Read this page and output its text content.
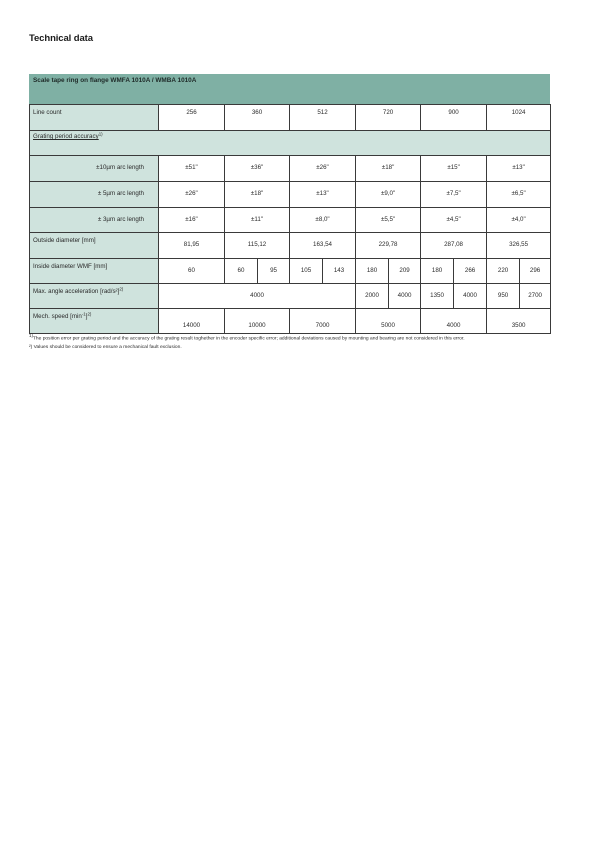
Technical data
Scale tape ring on flange WMFA 1010A / WMBA 1010A
Line count	256	360		512		720		900		1024	
Grating period accuracy$^{1)}$
±10µm arc length	±51"	±36"		±26"		±18"		±15"		±13"	
± 5µm arc length	±26"	±18"		±13"		±9,0"		±7,5"		±6,5"	
± 3µm arc length	±16"	±11"		±8,0"		±5,5"		±4,5"		±4,0"	
Outside diameter [mm]	81,95	115,12		163,54		229,78		287,08		326,55	
Inside diameter WMF [mm]	60	60	95	105	143	180	209	180	266	220	296
Max. angle acceleration $[rad/s^2]^{2)}$	4000					2000	4000	1350	4000	950	2700
Mech. speed $[\min^{-1}]^{2)}$	14000	10000		7000		5000		4000		3500	
$^{1)}$The position error per grating period and the accuracy of the grating result toghether in the encoder specific error; additional deviations caused by mounting and bearing are not considered in this error.
²) Values should be considered to ensure a mechanical fault exclusion.
